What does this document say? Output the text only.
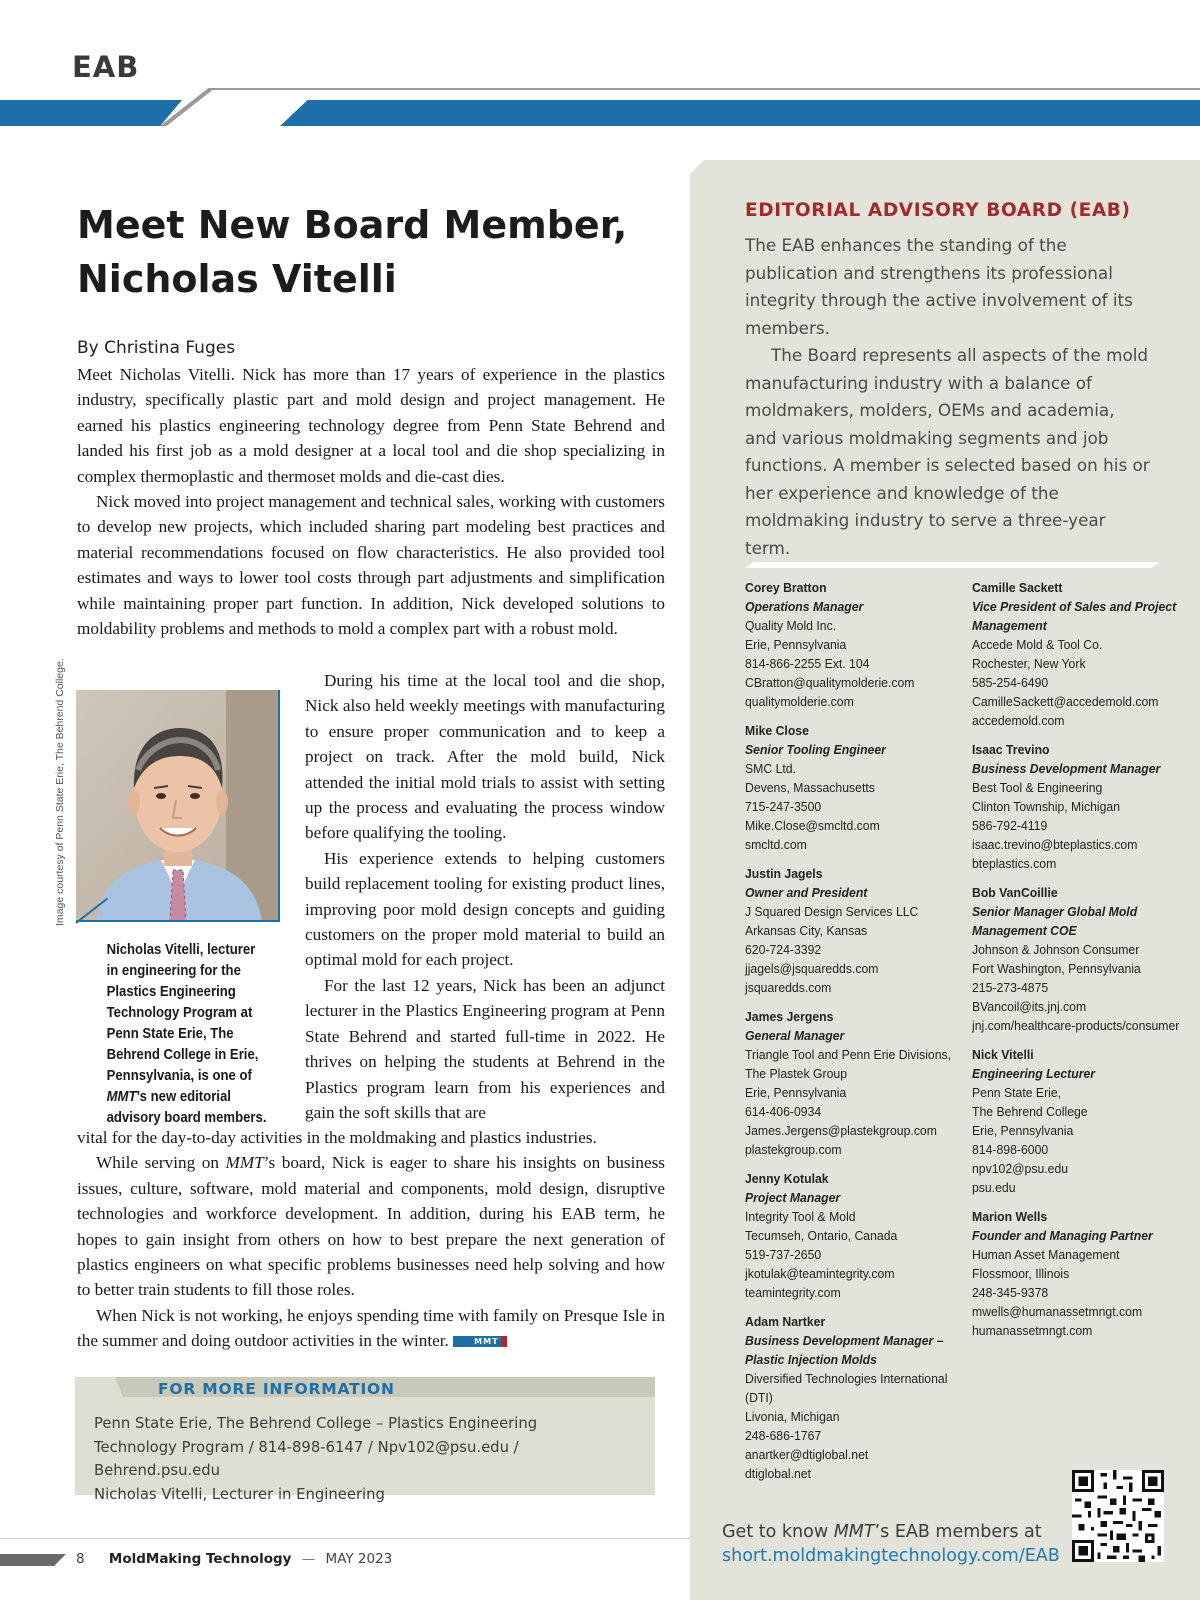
EAB
EDITORIAL ADVISORY BOARD (EAB)

The EAB enhances the standing of the publication and strengthens its professional integrity through the active involvement of its members.

The Board represents all aspects of the mold manufacturing industry with a balance of moldmakers, molders, OEMs and academia, and various moldmaking segments and job functions. A member is selected based on his or her experience and knowledge of the moldmaking industry to serve a three-year term.

Corey Bratton
Operations Manager
Quality Mold Inc.
Erie, Pennsylvania
814-866-2255 Ext. 104
CBratton@qualitymolderie.com
qualitymolderie.com
Mike Close
Senior Tooling Engineer
SMC Ltd.
Devens, Massachusetts
715-247-3500
Mike.Close@smcltd.com
smcltd.com
Justin Jagels
Owner and President
J Squared Design Services LLC
Arkansas City, Kansas
620-724-3392
jjagels@jsquaredds.com
jsquaredds.com
James Jergens
General Manager
Triangle Tool and Penn Erie Divisions, The Plastek Group
Erie, Pennsylvania
614-406-0934
James.Jergens@plastekgroup.com
plastekgroup.com
Jenny Kotulak
Project Manager
Integrity Tool & Mold
Tecumseh, Ontario, Canada
519-737-2650
jkotulak@teamintegrity.com
teamintegrity.com
Adam Nartker
Business Development Manager – Plastic Injection Molds
Diversified Technologies International (DTI)
Livonia, Michigan
248-686-1767
anartker@dtiglobal.net
dtiglobal.net
Camille Sackett
Vice President of Sales and Project Management
Accede Mold & Tool Co.
Rochester, New York
585-254-6490
CamilleSackett@accedemold.com
accedemold.com
Isaac Trevino
Business Development Manager
Best Tool & Engineering
Clinton Township, Michigan
586-792-4119
isaac.trevino@bteplastics.com
bteplastics.com
Bob VanCoillie
Senior Manager Global Mold Management COE
Johnson & Johnson Consumer
Fort Washington, Pennsylvania
215-273-4875
BVancoil@its.jnj.com
jnj.com/healthcare-products/consumer
Nick Vitelli
Engineering Lecturer
Penn State Erie,
The Behrend College
Erie, Pennsylvania
814-898-6000
npv102@psu.edu
psu.edu
Marion Wells
Founder and Managing Partner
Human Asset Management
Flossmoor, Illinois
248-345-9378
mwells@humanassetmngt.com
humanassetmngt.com
Get to know MMT’s EAB members at
short.moldmakingtechnology.com/EAB
Meet New Board Member,
Nicholas Vitelli
By Christina Fuges

Meet Nicholas Vitelli. Nick has more than 17 years of experience in the plastics industry, specifically plastic part and mold design and project management. He earned his plastics engineering technology degree from Penn State Behrend and landed his first job as a mold designer at a local tool and die shop specializing in complex thermoplastic and thermoset molds and die-cast dies.

Nick moved into project management and technical sales, working with customers to develop new projects, which included sharing part modeling best practices and material recommendations focused on flow characteristics. He also provided tool estimates and ways to lower tool costs through part adjustments and simplification while maintaining proper part function. In addition, Nick developed solutions to moldability problems and methods to mold a complex part with a robust mold.

Image courtesy of Penn State Erie, The Behrend College.
Nicholas Vitelli, lecturer in engineering for the Plastics Engineering Technology Program at Penn State Erie, The Behrend College in Erie, Pennsylvania, is one of MMT’s new editorial advisory board members.

During his time at the local tool and die shop, Nick also held weekly meetings with manufacturing to ensure proper communication and to keep a project on track. After the mold build, Nick attended the initial mold trials to assist with setting up the process and evaluating the process window before qualifying the tooling.

His experience extends to helping customers build replacement tooling for existing product lines, improving poor mold design concepts and guiding customers on the proper mold material to build an optimal mold for each project.

For the last 12 years, Nick has been an adjunct lecturer in the Plastics Engineering program at Penn State Behrend and started full-time in 2022. He thrives on helping the students at Behrend in the Plastics program learn from his experiences and gain the soft skills that are

vital for the day-to-day activities in the moldmaking and plastics industries.

While serving on MMT’s board, Nick is eager to share his insights on business issues, culture, software, mold material and components, mold design, disruptive technologies and workforce development. In addition, during his EAB term, he hopes to gain insight from others on how to best prepare the next generation of plastics engineers on what specific problems businesses need help solving and how to better train students to fill those roles.

When Nick is not working, he enjoys spending time with family on Presque Isle in the summer and doing outdoor activities in the winter.	MMT

FOR MORE INFORMATION
Penn State Erie, The Behrend College – Plastics Engineering Technology Program / 814-898-6147 / Npv102@psu.edu / Behrend.psu.edu
Nicholas Vitelli, Lecturer in Engineering
8 MoldMaking Technology — MAY 2023
